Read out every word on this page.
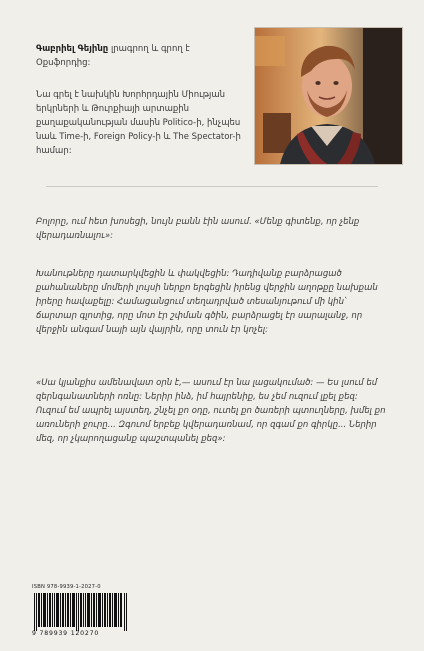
Գաբրիել Գեյինը լրագրող և գրող է Օքսֆորդից:
Նա գրել է նախկին Խորհրդային Միության երկրների և Թուրքիայի արտաքին քաղաքականության մասին Politico-ի, ինչպես նաև Time-ի, Foreign Policy-ի և The Spectator-ի համար:
Բոլորը, ում հետ խոսեցի, նույն բանն էին ասում. «Մենք գիտենք, որ չենք վերադառնալու»:
Խանութները դատարկվեցին և փակվեցին: Դադիվանք բարձրացած քահանաները մոմերի լույսի ներքո երգեցին իրենց վերջին աղոթքը նախքան իրերը հավաքելը: Համացանցում տեղադրված տեսանյութում մի կին՝ ճարտար գլոտից, որը մոտ էր շփման գծին, բարձրացել էր սարալանջ, որ վերջին անգամ նայի այն վայրին, որը տուն էր կոչել:
«Սա կյանքիս ամենավատ օրն է,— ասում էր նա լացակումած: — Ես լսում եմ զերնգանատների ոռնը: Ներիր ինձ, իմ հայրենիք, ես չեմ ուզում լքել քեզ: Ուզում եմ ապրել այստեղ, շնչել քո օդը, ուտել քո ծառերի պտուղները, խմել քո առուների ջուրը... Զգուոմ երբեք կվերադառնամ, որ զգամ քո գիրկը... Ներիր մեզ, որ չկարողացանք պաշտպանել քեզ»:
ISBN 978-9939-1-2027-0
9 789939 120270
